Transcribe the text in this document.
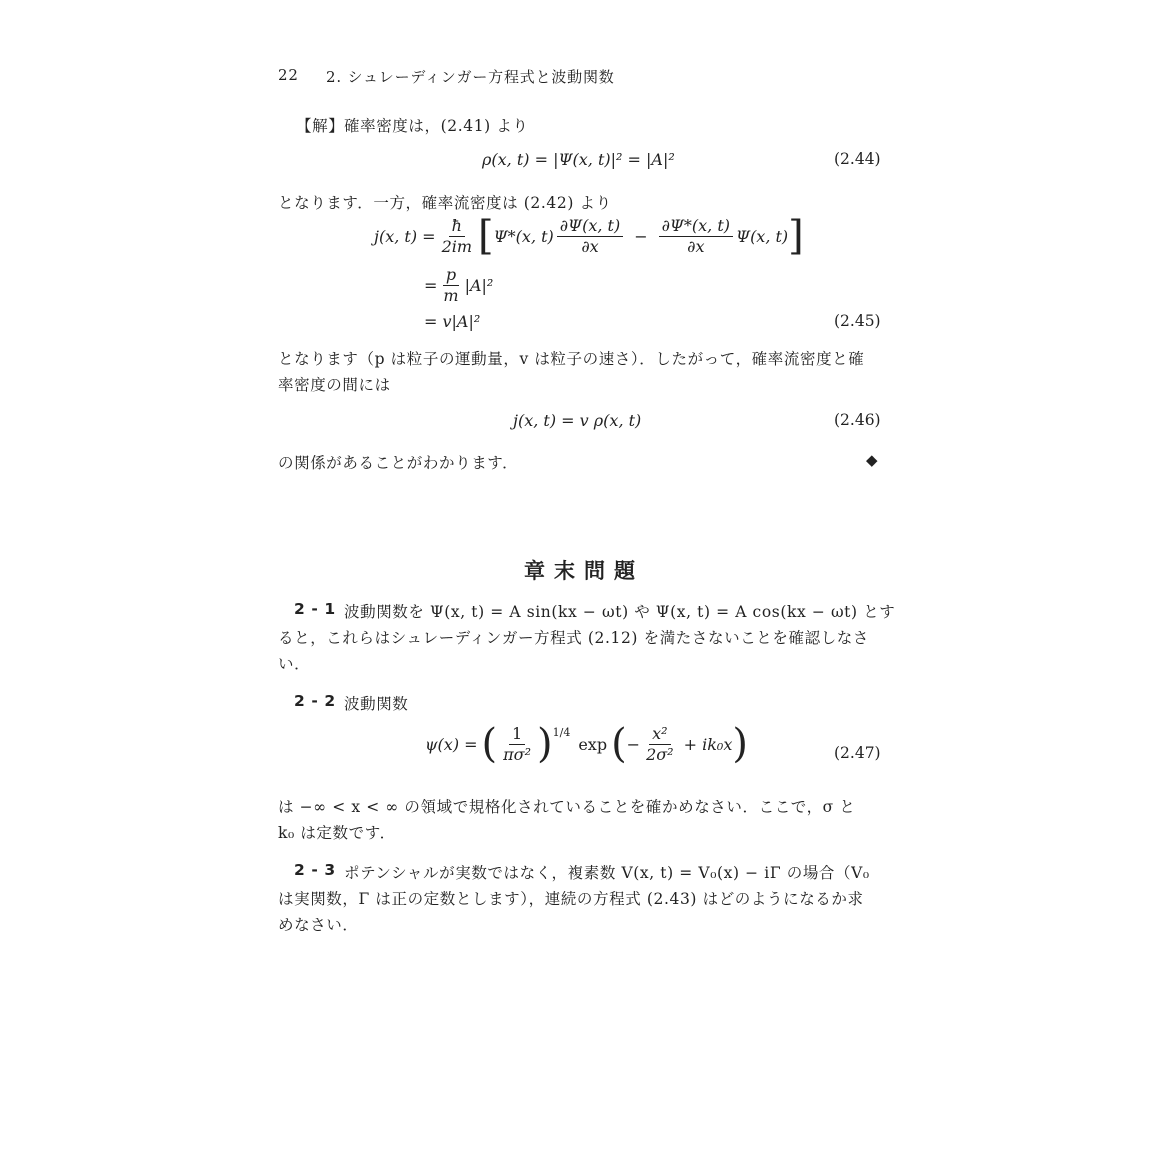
22 2. シュレーディンガー方程式と波動関数
【解】 確率密度は，(2.41) より
ρ(x, t) = |Ψ(x, t)|² = |A|²	(2.44)
となります．一方，確率流密度は (2.42) より
j(x, $t) = \frac{ħ}{2im}$ [ Ψ*(x, $t) \frac{\partial\Psi(x, t)}{\partial x} - \frac{\partial\Psi*(x, t)}{\partial x} \Psi(x$, t) ]
= $\frac{p}{m} |A|^2$
= v|A|²	(2.45)
となります（p は粒子の運動量，v は粒子の速さ）．したがって，確率流密度と確
率密度の間には
j(x, t) = v ρ(x, t)	(2.46)
の関係があることがわかります．	◆
章末問題
2 - 1 波動関数を Ψ(x, t) = A sin(kx − ωt) や Ψ(x, t) = A cos(kx − ωt) とす
ると，これらはシュレーディンガー方程式 (2.12) を満たさないことを確認しなさ
い．
2 - 2 波動関数
ψ(x) = ( $\frac{1}{\text{πσ²}}$ ) 1/4
exp ( − $\frac{\text{x²}}{\text{2σ²}} + ik_0x$ )	(2.47)
は −∞ < x < ∞ の領域で規格化されていることを確かめなさい．ここで，σ と
k₀ は定数です．
2 - 3 ポテンシャルが実数ではなく，複素数 V(x, t) = V₀(x) − iΓ の場合（V₀
は実関数，Γ は正の定数とします），連続の方程式 (2.43) はどのようになるか求
めなさい．
